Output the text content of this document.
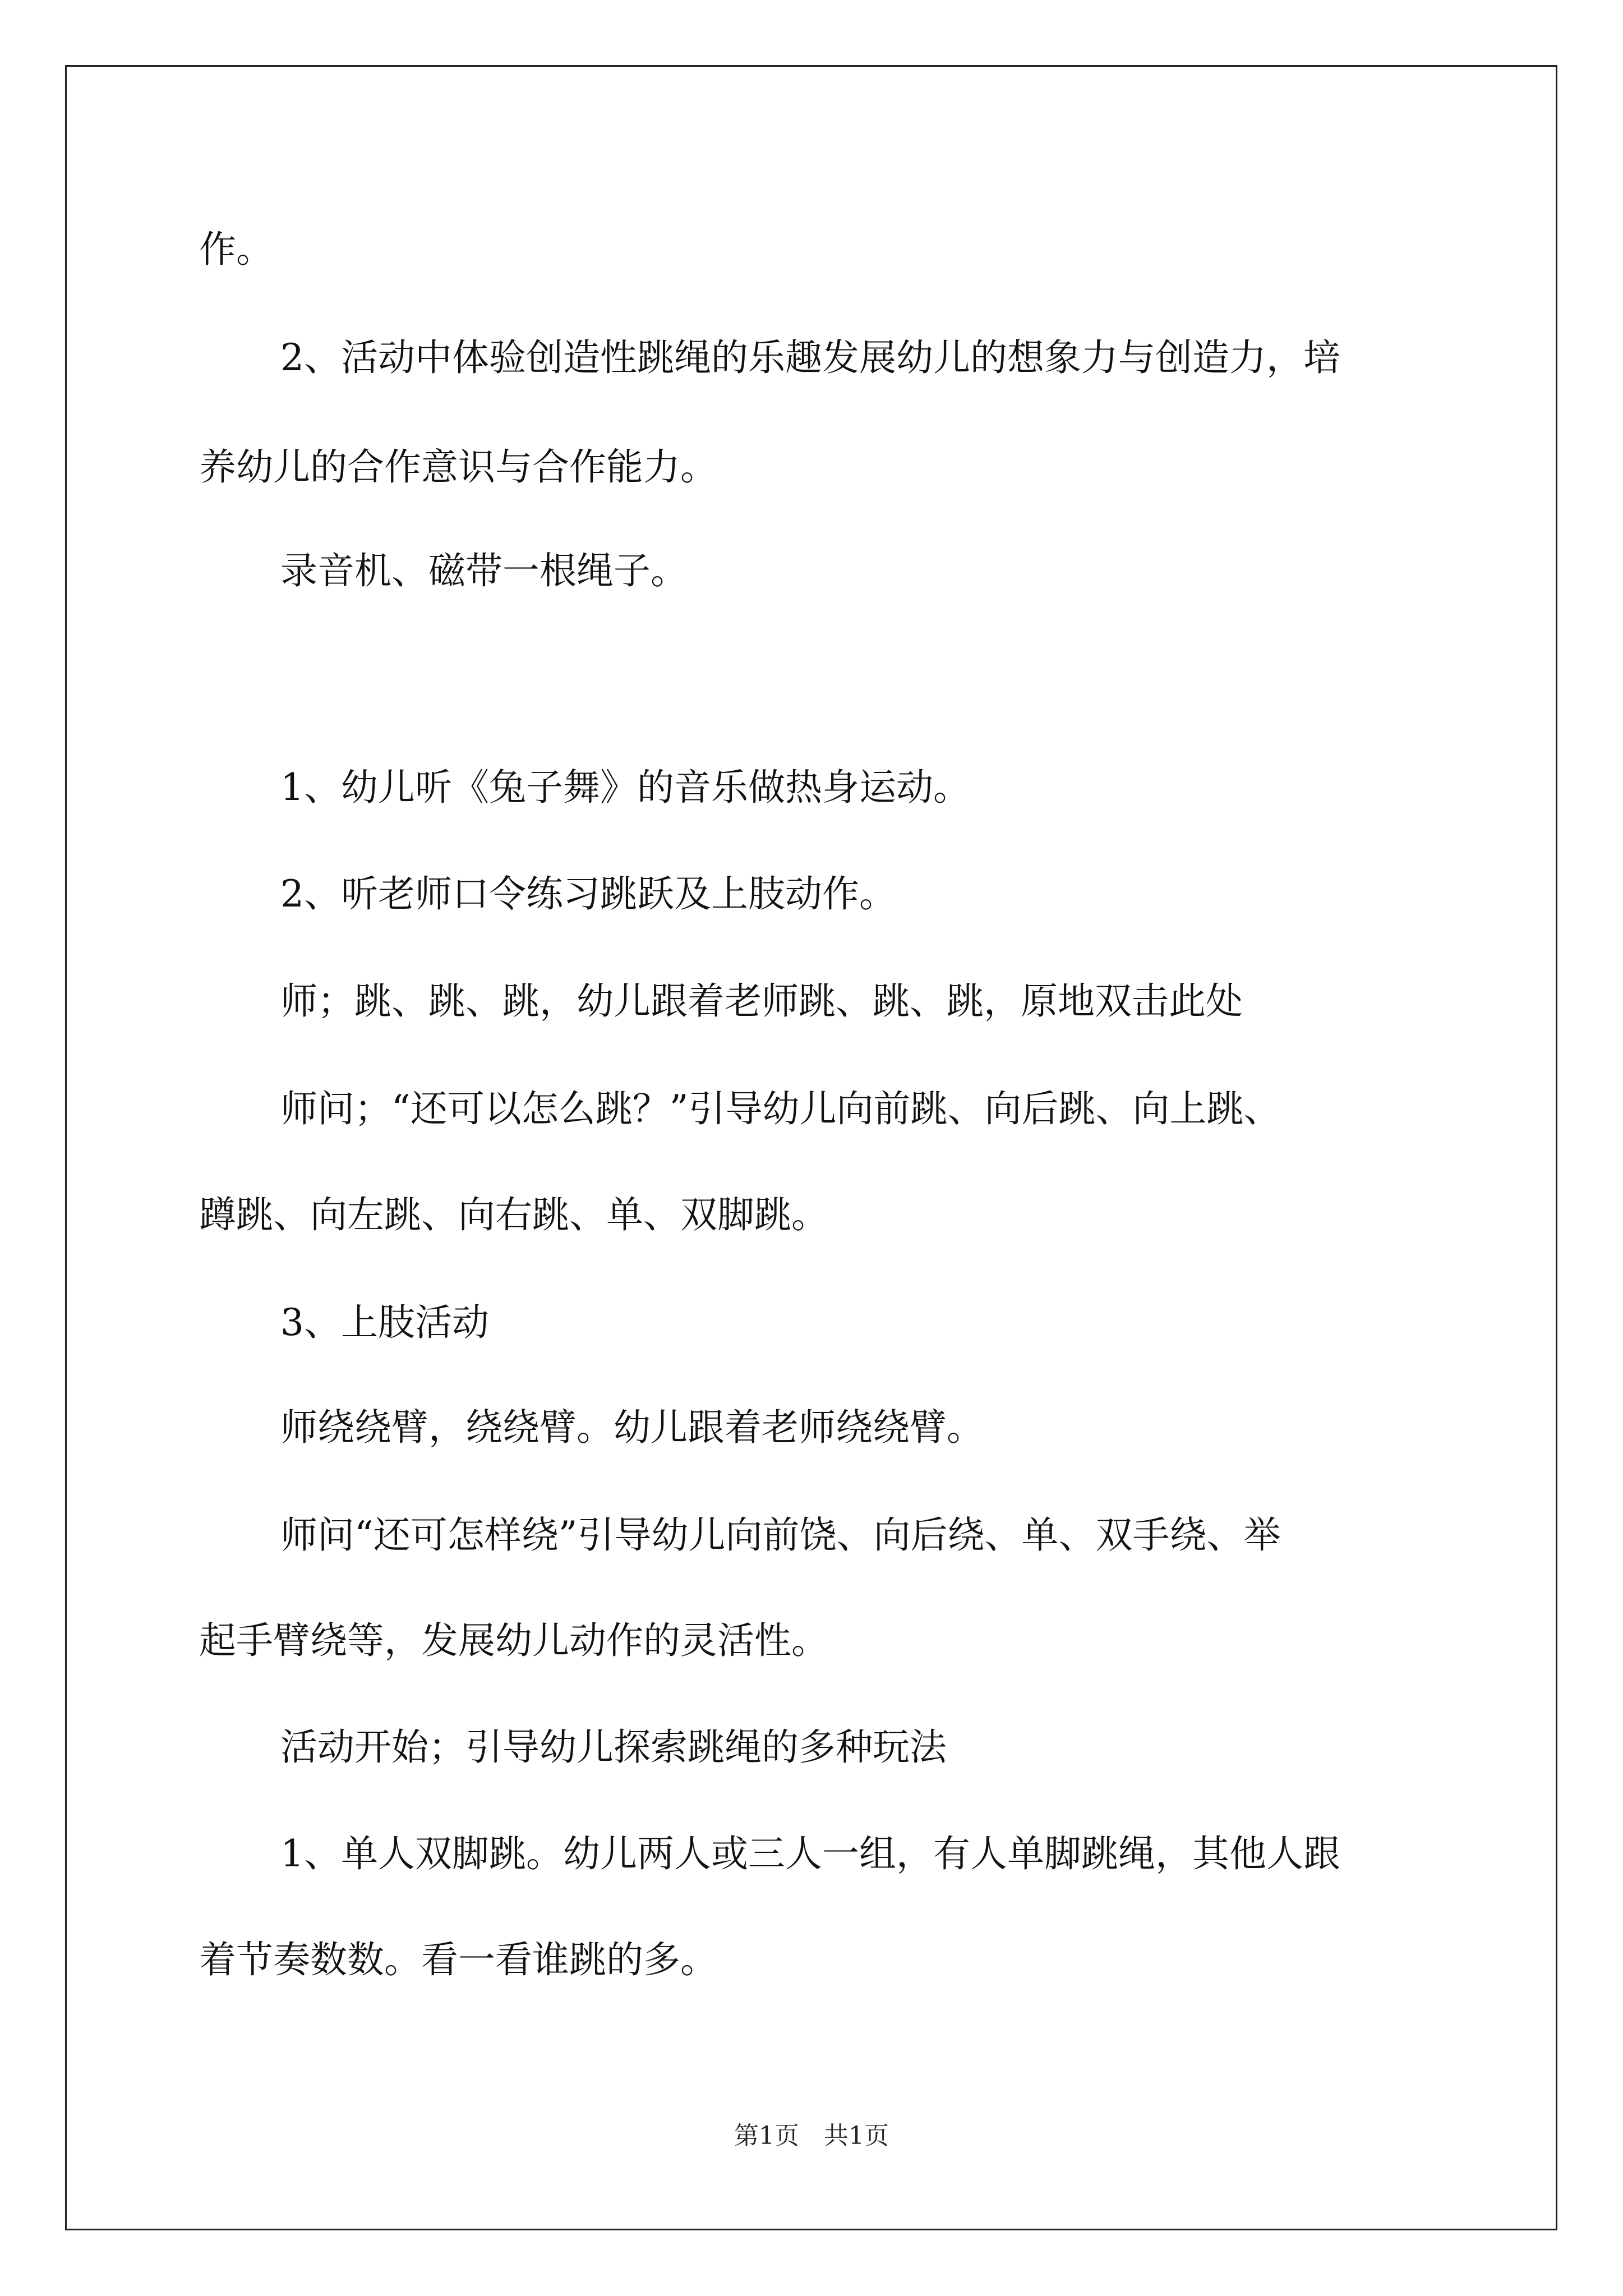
作。
2、活动中体验创造性跳绳的乐趣发展幼儿的想象力与创造力，培
养幼儿的合作意识与合作能力。
录音机、磁带一根绳子。
1、幼儿听《兔子舞》的音乐做热身运动。
2、听老师口令练习跳跃及上肢动作。
师；跳、跳、跳，幼儿跟着老师跳、跳、跳，原地双击此处
师问；“还可以怎么跳？”引导幼儿向前跳、向后跳、向上跳、
蹲跳、向左跳、向右跳、单、双脚跳。
3、上肢活动
师绕绕臂，绕绕臂。幼儿跟着老师绕绕臂。
师问“还可怎样绕”引导幼儿向前饶、向后绕、单、双手绕、举
起手臂绕等，发展幼儿动作的灵活性。
活动开始；引导幼儿探索跳绳的多种玩法
1、单人双脚跳。幼儿两人或三人一组，有人单脚跳绳，其他人跟
着节奏数数。看一看谁跳的多。
第1页　共1页
